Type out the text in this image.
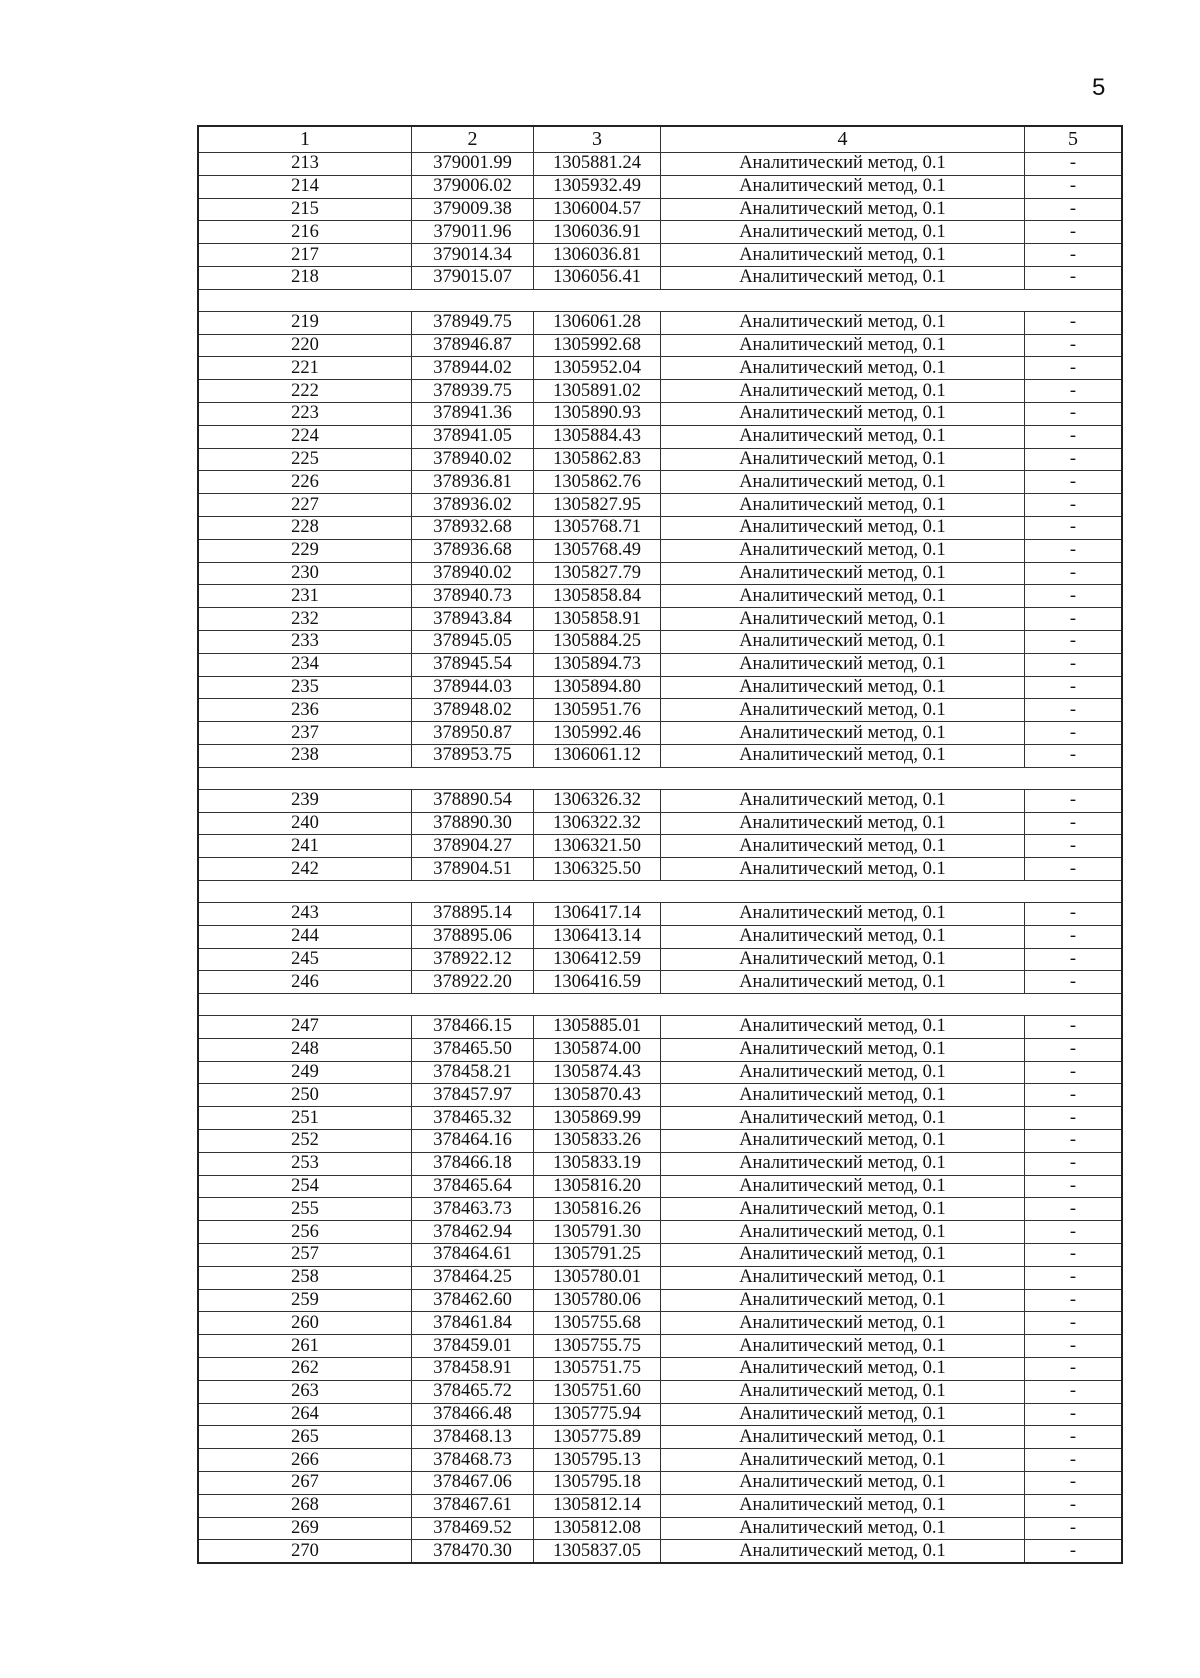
5
1	2	3	4	5
213	379001.99	1305881.24	Аналитический метод, 0.1	-
214	379006.02	1305932.49	Аналитический метод, 0.1	-
215	379009.38	1306004.57	Аналитический метод, 0.1	-
216	379011.96	1306036.91	Аналитический метод, 0.1	-
217	379014.34	1306036.81	Аналитический метод, 0.1	-
218	379015.07	1306056.41	Аналитический метод, 0.1	-

219	378949.75	1306061.28	Аналитический метод, 0.1	-
220	378946.87	1305992.68	Аналитический метод, 0.1	-
221	378944.02	1305952.04	Аналитический метод, 0.1	-
222	378939.75	1305891.02	Аналитический метод, 0.1	-
223	378941.36	1305890.93	Аналитический метод, 0.1	-
224	378941.05	1305884.43	Аналитический метод, 0.1	-
225	378940.02	1305862.83	Аналитический метод, 0.1	-
226	378936.81	1305862.76	Аналитический метод, 0.1	-
227	378936.02	1305827.95	Аналитический метод, 0.1	-
228	378932.68	1305768.71	Аналитический метод, 0.1	-
229	378936.68	1305768.49	Аналитический метод, 0.1	-
230	378940.02	1305827.79	Аналитический метод, 0.1	-
231	378940.73	1305858.84	Аналитический метод, 0.1	-
232	378943.84	1305858.91	Аналитический метод, 0.1	-
233	378945.05	1305884.25	Аналитический метод, 0.1	-
234	378945.54	1305894.73	Аналитический метод, 0.1	-
235	378944.03	1305894.80	Аналитический метод, 0.1	-
236	378948.02	1305951.76	Аналитический метод, 0.1	-
237	378950.87	1305992.46	Аналитический метод, 0.1	-
238	378953.75	1306061.12	Аналитический метод, 0.1	-

239	378890.54	1306326.32	Аналитический метод, 0.1	-
240	378890.30	1306322.32	Аналитический метод, 0.1	-
241	378904.27	1306321.50	Аналитический метод, 0.1	-
242	378904.51	1306325.50	Аналитический метод, 0.1	-

243	378895.14	1306417.14	Аналитический метод, 0.1	-
244	378895.06	1306413.14	Аналитический метод, 0.1	-
245	378922.12	1306412.59	Аналитический метод, 0.1	-
246	378922.20	1306416.59	Аналитический метод, 0.1	-

247	378466.15	1305885.01	Аналитический метод, 0.1	-
248	378465.50	1305874.00	Аналитический метод, 0.1	-
249	378458.21	1305874.43	Аналитический метод, 0.1	-
250	378457.97	1305870.43	Аналитический метод, 0.1	-
251	378465.32	1305869.99	Аналитический метод, 0.1	-
252	378464.16	1305833.26	Аналитический метод, 0.1	-
253	378466.18	1305833.19	Аналитический метод, 0.1	-
254	378465.64	1305816.20	Аналитический метод, 0.1	-
255	378463.73	1305816.26	Аналитический метод, 0.1	-
256	378462.94	1305791.30	Аналитический метод, 0.1	-
257	378464.61	1305791.25	Аналитический метод, 0.1	-
258	378464.25	1305780.01	Аналитический метод, 0.1	-
259	378462.60	1305780.06	Аналитический метод, 0.1	-
260	378461.84	1305755.68	Аналитический метод, 0.1	-
261	378459.01	1305755.75	Аналитический метод, 0.1	-
262	378458.91	1305751.75	Аналитический метод, 0.1	-
263	378465.72	1305751.60	Аналитический метод, 0.1	-
264	378466.48	1305775.94	Аналитический метод, 0.1	-
265	378468.13	1305775.89	Аналитический метод, 0.1	-
266	378468.73	1305795.13	Аналитический метод, 0.1	-
267	378467.06	1305795.18	Аналитический метод, 0.1	-
268	378467.61	1305812.14	Аналитический метод, 0.1	-
269	378469.52	1305812.08	Аналитический метод, 0.1	-
270	378470.30	1305837.05	Аналитический метод, 0.1	-
